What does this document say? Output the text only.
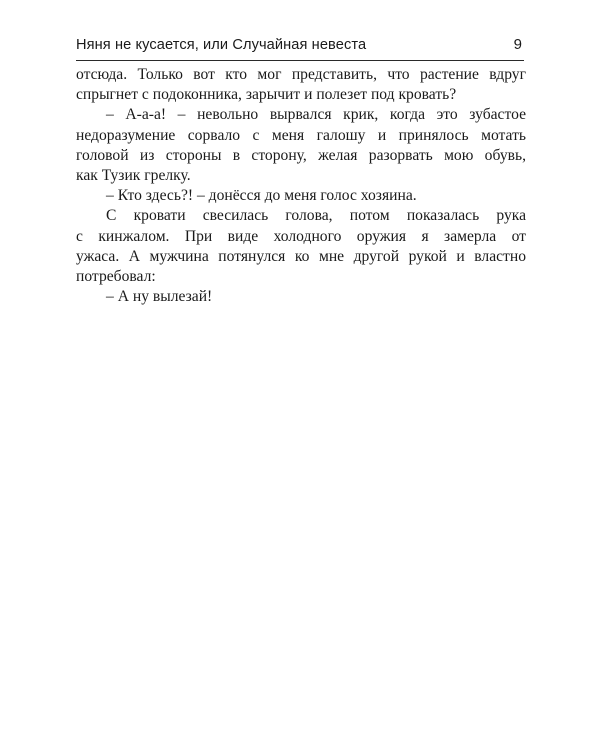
Няня не кусается, или Случайная невеста	9
отсюда. Только вот кто мог представить, что растение вдруг
спрыгнет с подоконника, зарычит и полезет под кровать?
– А-а-а! – невольно вырвался крик, когда это зубастое
недоразумение сорвало с меня галошу и принялось мотать
головой из стороны в сторону, желая разорвать мою обувь,
как Тузик грелку.
– Кто здесь?! – донёсся до меня голос хозяина.
С кровати свесилась голова, потом показалась рука
с кинжалом. При виде холодного оружия я замерла от
ужаса. А мужчина потянулся ко мне другой рукой и властно
потребовал:
– А ну вылезай!
